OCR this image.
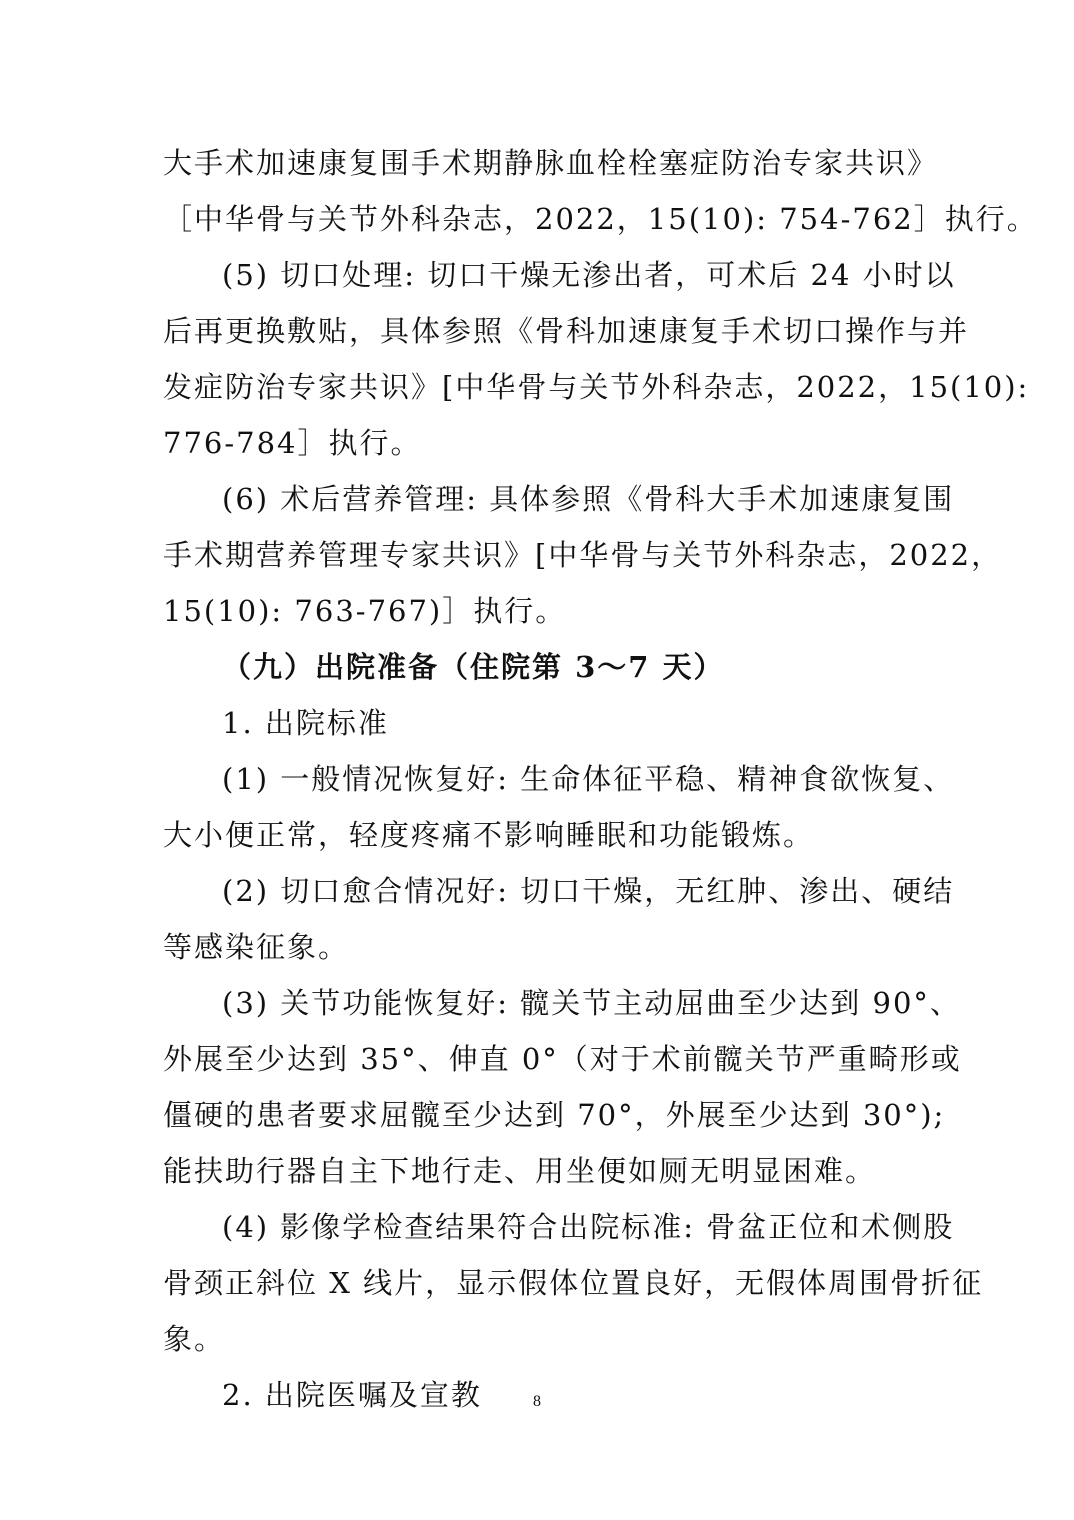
大手术加速康复围手术期静脉血栓栓塞症防治专家共识》
［中华骨与关节外科杂志，2022，15(10): 754-762］执行。
(5) 切口处理: 切口干燥无渗出者，可术后 24 小时以
后再更换敷贴，具体参照《骨科加速康复手术切口操作与并
发症防治专家共识》[中华骨与关节外科杂志，2022，15(10):
776-784］执行。
(6) 术后营养管理: 具体参照《骨科大手术加速康复围
手术期营养管理专家共识》[中华骨与关节外科杂志，2022，
15(10): 763-767)］执行。
（九）出院准备（住院第 3～7 天）
1. 出院标准
(1) 一般情况恢复好: 生命体征平稳、精神食欲恢复、
大小便正常，轻度疼痛不影响睡眠和功能锻炼。
(2) 切口愈合情况好: 切口干燥，无红肿、渗出、硬结
等感染征象。
(3) 关节功能恢复好: 髋关节主动屈曲至少达到 90°、
外展至少达到 35°、伸直 0°（对于术前髋关节严重畸形或
僵硬的患者要求屈髋至少达到 70°，外展至少达到 30°);
能扶助行器自主下地行走、用坐便如厕无明显困难。
(4) 影像学检查结果符合出院标准: 骨盆正位和术侧股
骨颈正斜位 X 线片，显示假体位置良好，无假体周围骨折征
象。
2. 出院医嘱及宣教	8
